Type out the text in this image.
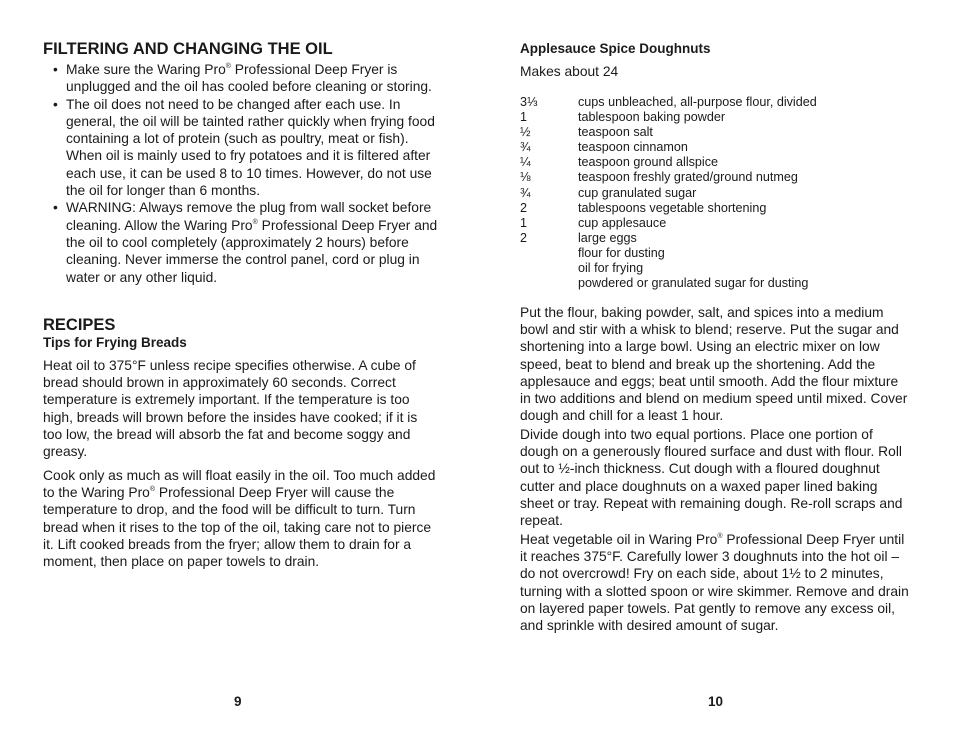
FILTERING AND CHANGING THE OIL
• Make sure the Waring Pro® Professional Deep Fryer is unplugged and the oil has cooled before cleaning or storing.
• The oil does not need to be changed after each use. In general, the oil will be tainted rather quickly when frying food containing a lot of protein (such as poultry, meat or fish). When oil is mainly used to fry potatoes and it is filtered after each use, it can be used 8 to 10 times. However, do not use the oil for longer than 6 months.
• WARNING: Always remove the plug from wall socket before cleaning. Allow the Waring Pro® Professional Deep Fryer and the oil to cool completely (approximately 2 hours) before cleaning. Never immerse the control panel, cord or plug in water or any other liquid.
RECIPES
Tips for Frying Breads

Heat oil to 375°F unless recipe specifies otherwise. A cube of bread should brown in approximately 60 seconds. Correct temperature is extremely important. If the temperature is too high, breads will brown before the insides have cooked; if it is too low, the bread will absorb the fat and become soggy and greasy.

Cook only as much as will float easily in the oil. Too much added to the Waring Pro® Professional Deep Fryer will cause the temperature to drop, and the food will be difficult to turn. Turn bread when it rises to the top of the oil, taking care not to pierce it. Lift cooked breads from the fryer; allow them to drain for a moment, then place on paper towels to drain.

9
Applesauce Spice Doughnuts
Makes about 24
3⅓	cups unbleached, all-purpose flour, divided
1	tablespoon baking powder
½	teaspoon salt
¾	teaspoon cinnamon
¼	teaspoon ground allspice
⅛	teaspoon freshly grated/ground nutmeg
¾	cup granulated sugar
2	tablespoons vegetable shortening
1	cup applesauce
2	large eggs
flour for dusting
oil for frying
powdered or granulated sugar for dusting

Put the flour, baking powder, salt, and spices into a medium bowl and stir with a whisk to blend; reserve. Put the sugar and shortening into a large bowl. Using an electric mixer on low speed, beat to blend and break up the shortening. Add the applesauce and eggs; beat until smooth. Add the flour mixture in two additions and blend on medium speed until mixed. Cover dough and chill for a least 1 hour.

Divide dough into two equal portions. Place one portion of dough on a generously floured surface and dust with flour. Roll out to ½-inch thickness. Cut dough with a floured doughnut cutter and place doughnuts on a waxed paper lined baking sheet or tray. Repeat with remaining dough. Re-roll scraps and repeat.

Heat vegetable oil in Waring Pro® Professional Deep Fryer until it reaches 375°F. Carefully lower 3 doughnuts into the hot oil – do not overcrowd! Fry on each side, about 1½ to 2 minutes, turning with a slotted spoon or wire skimmer. Remove and drain on layered paper towels. Pat gently to remove any excess oil, and sprinkle with desired amount of sugar.

10
